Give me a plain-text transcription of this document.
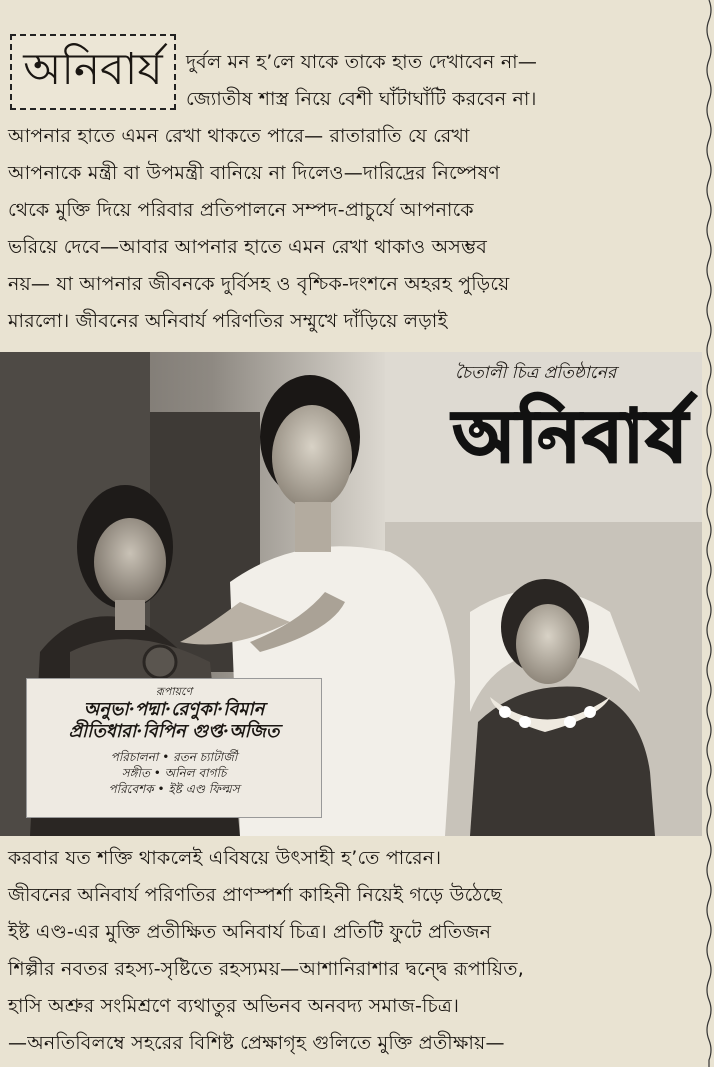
অনিবার্য দুর্বল মন হ’লে যাকে তাকে হাত দেখাবেন না—
জ্যোতীষ শাস্ত্র নিয়ে বেশী ঘাঁটাঘাঁটি করবেন না।
আপনার হাতে এমন রেখা থাকতে পারে— রাতারাতি যে রেখা
আপনাকে মন্ত্রী বা উপমন্ত্রী বানিয়ে না দিলেও—দারিদ্রের নিষ্পেষণ
থেকে মুক্তি দিয়ে পরিবার প্রতিপালনে সম্পদ-প্রাচুর্যে আপনাকে
ভরিয়ে দেবে—আবার আপনার হাতে এমন রেখা থাকাও অসম্ভব
নয়— যা আপনার জীবনকে দুর্বিসহ ও বৃশ্চিক-দংশনে অহরহ পুড়িয়ে
মারলো। জীবনের অনিবার্য পরিণতির সম্মুখে দাঁড়িয়ে লড়াই
চৈতালী চিত্র প্রতিষ্ঠানের
অনিবার্য
রূপায়ণে
অনুভা·পদ্মা·রেণুকা·বিমান
প্রীতিধারা·বিপিন গুপ্ত·অজিত
পরিচালনা • রতন চ্যাটার্জী
সঙ্গীত • অনিল বাগচি
পরিবেশক • ইষ্ট এণ্ড ফিল্মস
করবার যত শক্তি থাকলেই এবিষয়ে উৎসাহী হ’তে পারেন।
জীবনের অনিবার্য পরিণতির প্রাণস্পর্শা কাহিনী নিয়েই গড়ে উঠেছে
ইষ্ট এণ্ড-এর মুক্তি প্রতীক্ষিত অনিবার্য চিত্র। প্রতিটি ফুটে প্রতিজন
শিল্পীর নবতর রহস্য-সৃষ্টিতে রহস্যময়—আশানিরাশার দ্বন্দ্বে রূপায়িত,
হাসি অশ্রুর সংমিশ্রণে ব্যথাতুর অভিনব অনবদ্য সমাজ-চিত্র।
—অনতিবিলম্বে সহরের বিশিষ্ট প্রেক্ষাগৃহ গুলিতে মুক্তি প্রতীক্ষায়—
